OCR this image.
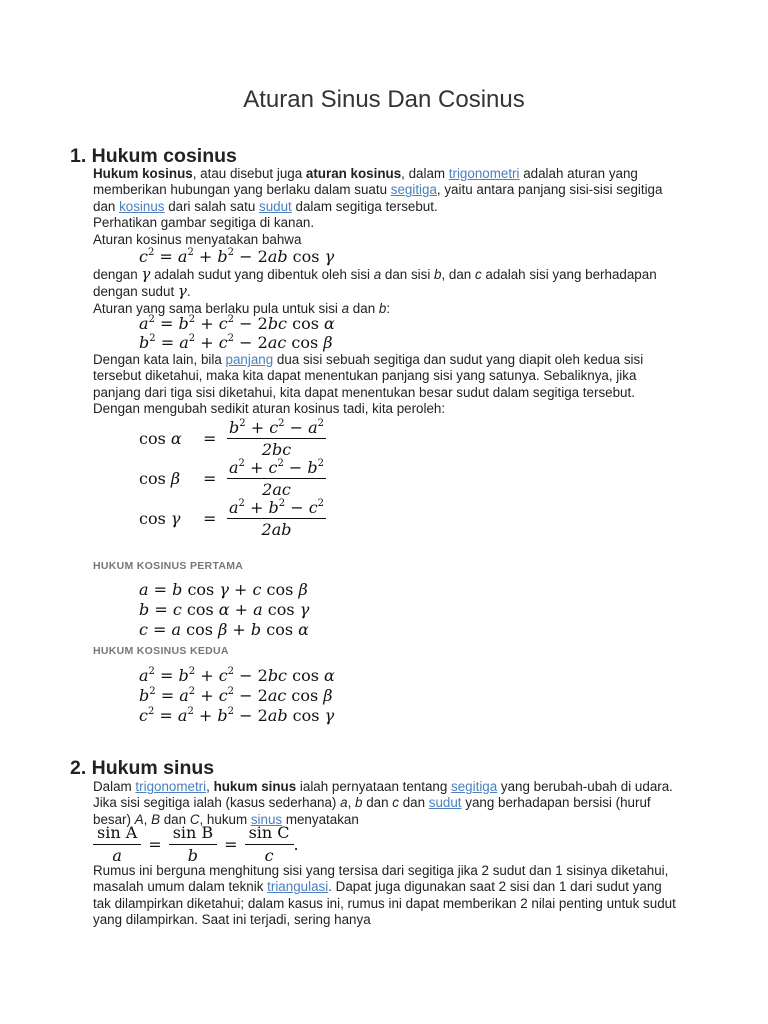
Aturan Sinus Dan Cosinus
1. Hukum cosinus

Hukum kosinus, atau disebut juga aturan kosinus, dalam trigonometri adalah aturan yang memberikan hubungan yang berlaku dalam suatu segitiga, yaitu antara panjang sisi-sisi segitiga dan kosinus dari salah satu sudut dalam segitiga tersebut.

Perhatikan gambar segitiga di kanan.

Aturan kosinus menyatakan bahwa

$c^2 = a^2 + b^2 - 2ab$ cos γ

dengan γ adalah sudut yang dibentuk oleh sisi a dan sisi b, dan c adalah sisi yang berhadapan dengan sudut γ.

Aturan yang sama berlaku pula untuk sisi a dan b:

$a^2 = b^2 + c^2 - 2bc$ cos α
$b^2 = a^2 + c^2 - 2ac$ cos β

Dengan kata lain, bila panjang dua sisi sebuah segitiga dan sudut yang diapit oleh kedua sisi tersebut diketahui, maka kita dapat menentukan panjang sisi yang satunya. Sebaliknya, jika panjang dari tiga sisi diketahui, kita dapat menentukan besar sudut dalam segitiga tersebut. Dengan mengubah sedikit aturan kosinus tadi, kita peroleh:

cos α	= $\frac{b^2 + c^2 - a^2}{2bc}$
cos β	= $\frac{a^2 + c^2 - b^2}{2ac}$
cos γ	= $\frac{a^2 + b^2 - c^2}{2ab}$
HUKUM KOSINUS PERTAMA
a = b cos γ + c cos β
b = c cos α + a cos γ
c = a cos β + b cos α
HUKUM KOSINUS KEDUA
$a^2 = b^2 + c^2 - 2bc$ cos α
$b^2 = a^2 + c^2 - 2ac$ cos β
$c^2 = a^2 + b^2 - 2ab$ cos γ
2. Hukum sinus

Dalam trigonometri, hukum sinus ialah pernyataan tentang segitiga yang berubah-ubah di udara. Jika sisi segitiga ialah (kasus sederhana) a, b dan c dan sudut yang berhadapan bersisi (huruf besar) A, B dan C, hukum sinus menyatakan

$\frac{\text{sin A}}{a} = \frac{\text{sin B}}{b} = \frac{\text{sin C}}{c}$ .

Rumus ini berguna menghitung sisi yang tersisa dari segitiga jika 2 sudut dan 1 sisinya diketahui, masalah umum dalam teknik triangulasi. Dapat juga digunakan saat 2 sisi dan 1 dari sudut yang tak dilampirkan diketahui; dalam kasus ini, rumus ini dapat memberikan 2 nilai penting untuk sudut yang dilampirkan. Saat ini terjadi, sering hanya
